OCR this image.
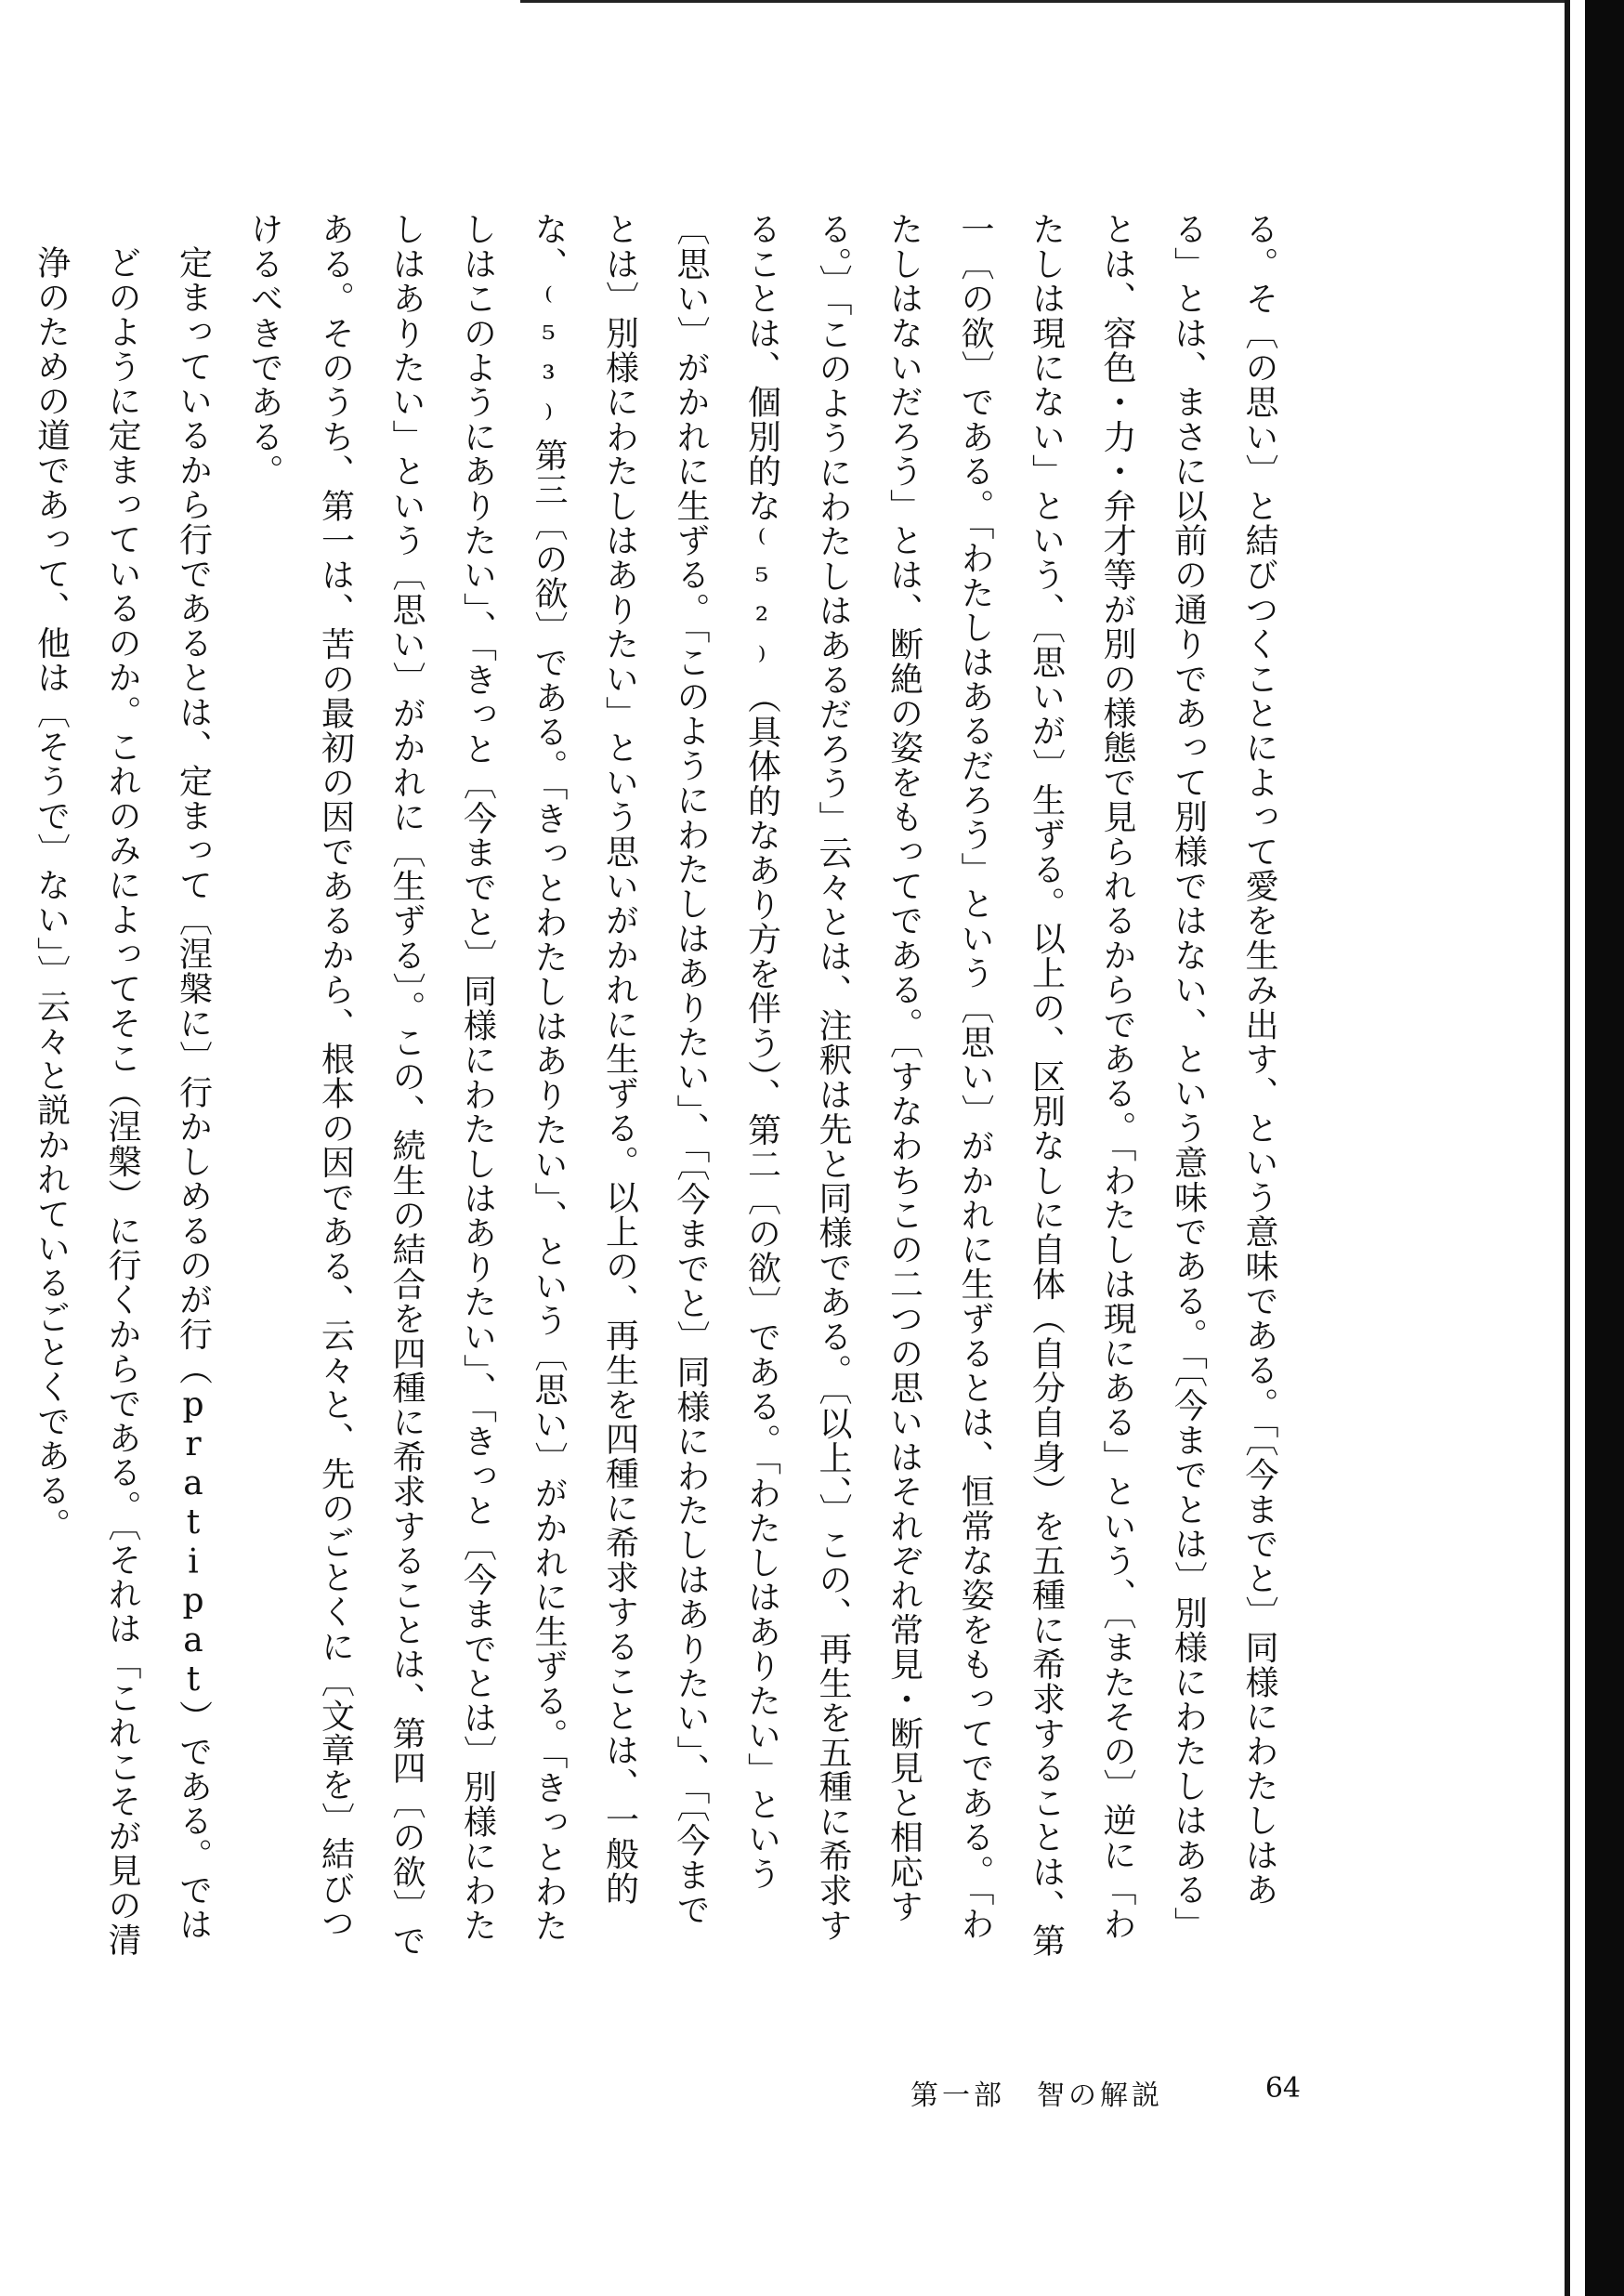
る。そ〔の思い〕と結びつくことによって愛を生み出す、という意味である。「〔今までと〕同様にわたしはある」とは、まさに以前の通りであって別様ではない、という意味である。「〔今までとは〕別様にわたしはある」とは、容色・力・弁才等が別の様態で見られるからである。「わたしは現にある」という、〔またその〕逆に「わたしは現にない」という、〔思いが〕生ずる。以上の、区別なしに自体（自分自身）を五種に希求することは、第一〔の欲〕である。「わたしはあるだろう」という〔思い〕がかれに生ずるとは、恒常な姿をもってである。「わたしはないだろう」とは、断絶の姿をもってである。〔すなわちこの二つの思いはそれぞれ常見・断見と相応する。〕「このようにわたしはあるだろう」云々とは、注釈は先と同様である。〔以上、〕この、再生を五種に希求することは、個別的な⁽⁵²⁾（具体的なあり方を伴う）、第二〔の欲〕である。「わたしはありたい」という〔思い〕がかれに生ずる。「このようにわたしはありたい」、「〔今までと〕同様にわたしはありたい」、「〔今までとは〕別様にわたしはありたい」という思いがかれに生ずる。以上の、再生を四種に希求することは、一般的な、⁽⁵³⁾第三〔の欲〕である。「きっとわたしはありたい」、という〔思い〕がかれに生ずる。「きっとわたしはこのようにありたい」、「きっと〔今までと〕同様にわたしはありたい」、「きっと〔今までとは〕別様にわたしはありたい」という〔思い〕がかれに〔生ずる〕。この、続生の結合を四種に希求することは、第四〔の欲〕である。そのうち、第一は、苦の最初の因であるから、根本の因である、云々と、先のごとくに〔文章を〕結びつけるべきである。

定まっているから行であるとは、定まって〔涅槃に〕行かしめるのが行（pratipat）である。ではどのように定まっているのか。これのみによってそこ（涅槃）に行くからである。〔それは「これこそが見の清浄のための道であって、他は〔そうで〕ない」〕云々と説かれているごとくである。

第一部　智の解説	64
